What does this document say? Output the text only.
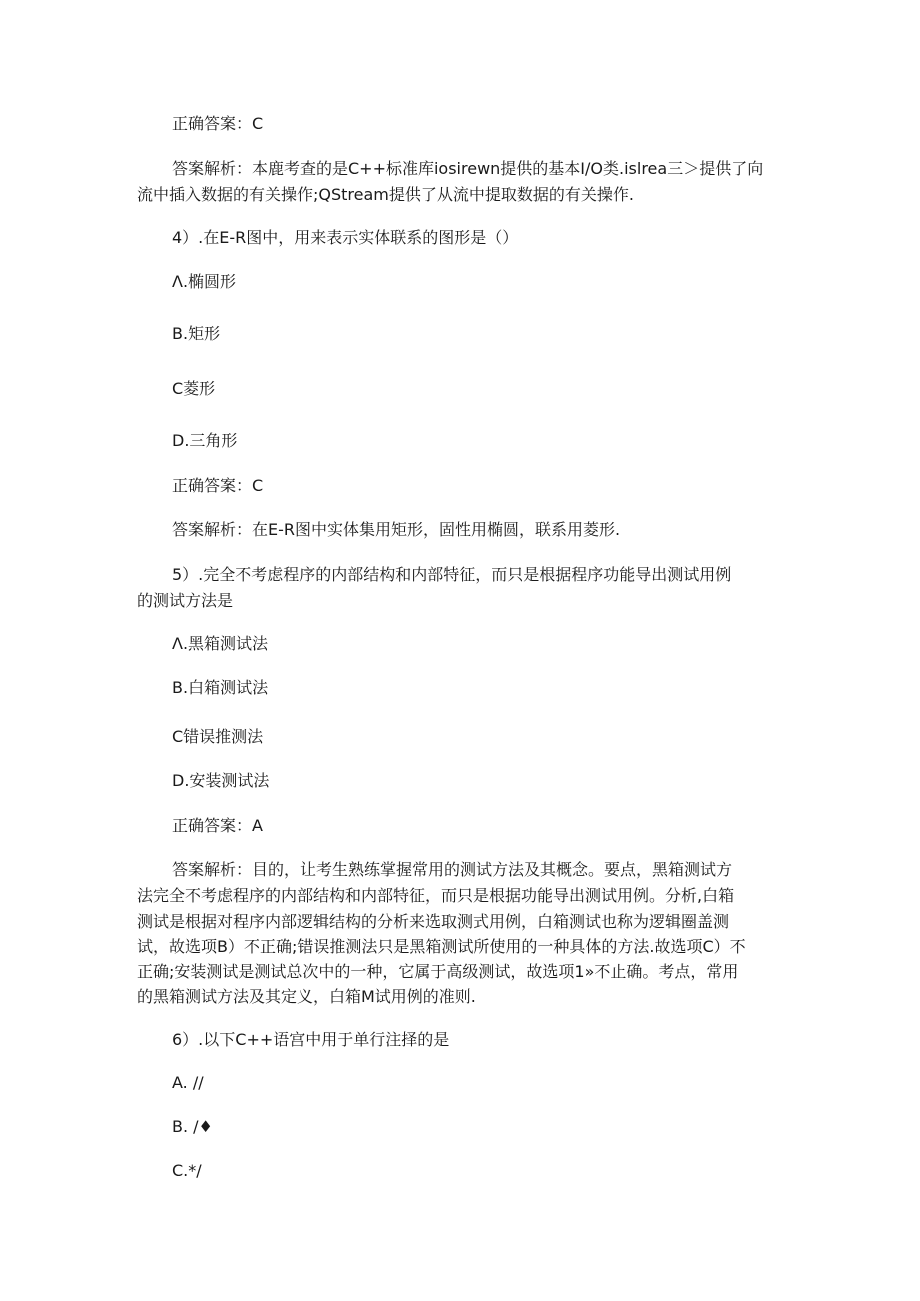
正确答案：C

答案解析：本鹿考查的是C++标准库iosirewn提供的基本I/O类.islrea三＞提供了向

流中插入数据的有关操作;QStream提供了从流中提取数据的有关操作.

4）.在E-R图中，用来表示实体联系的图形是（）

Λ.椭圆形

B.矩形

C菱形

D.三角形

正确答案：C

答案解析：在E-R图中实体集用矩形，固性用椭圆，联系用菱形.

5）.完全不考虑程序的内部结构和内部特征，而只是根据程序功能导出测试用例

的测试方法是

Λ.黑箱测试法

B.白箱测试法

C错误推测法

D.安装测试法

正确答案：A

答案解析：目的，让考生熟练掌握常用的测试方法及其概念。要点，黑箱测试方

法完全不考虑程序的内部结构和内部特征，而只是根据功能导出测试用例。分析,白箱

测试是根据对程序内部逻辑结构的分析来选取测式用例，白箱测试也称为逻辑圈盖测

试，故选项B）不正确;错误推测法只是黑箱测试所使用的一种具体的方法.故选项C）不

正确;安装测试是测试总次中的一种，它属于高级测试，故选项1»不止确。考点，常用

的黑箱测试方法及其定义，白箱M试用例的准则.

6）.以下C++语宫中用于单行注择的是

A. //

B. /♦

C.*/
